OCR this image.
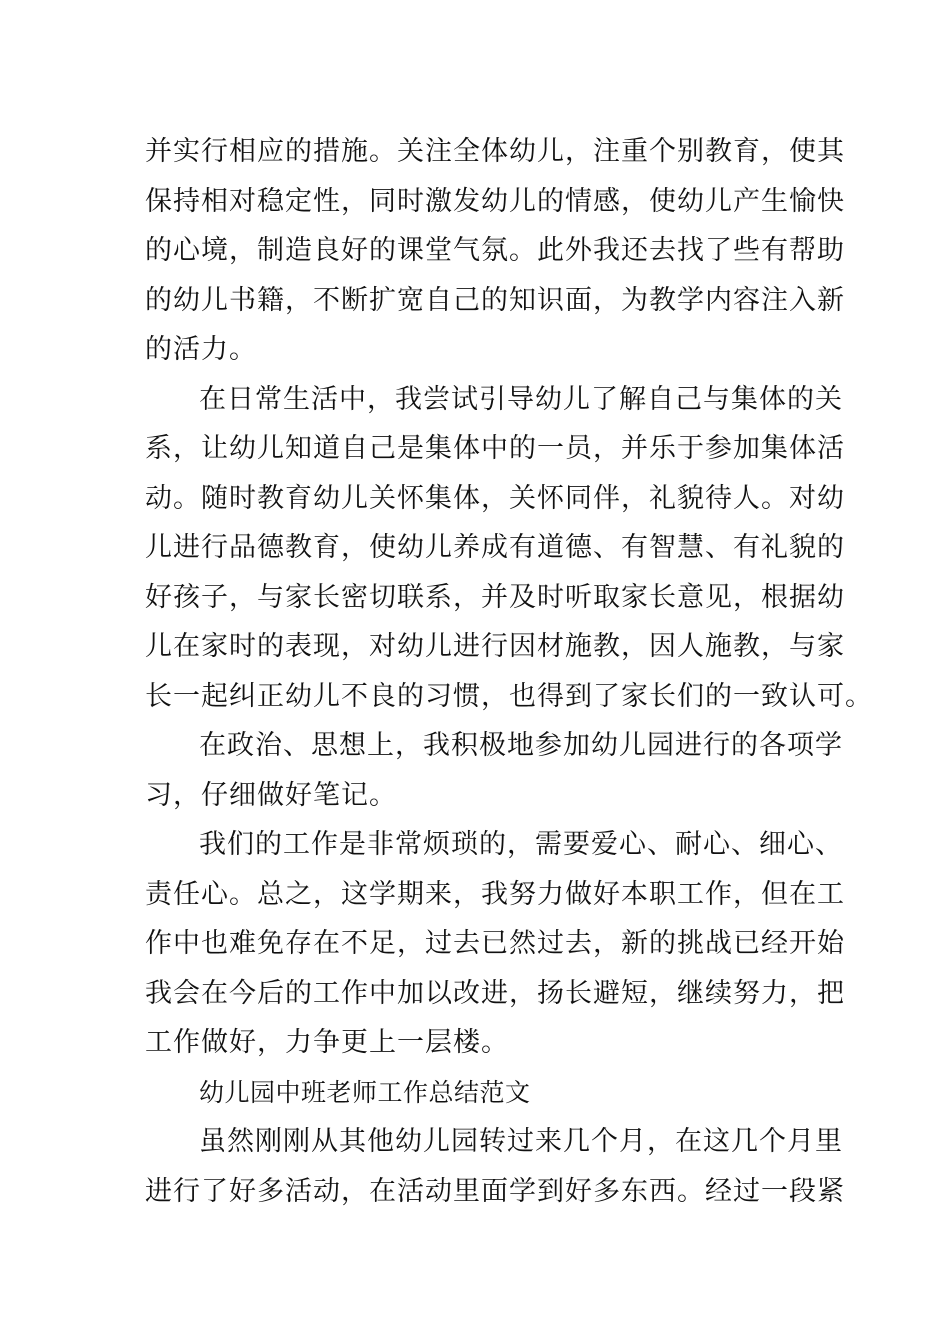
并实行相应的措施。关注全体幼儿，注重个别教育，使其
保持相对稳定性，同时激发幼儿的情感，使幼儿产生愉快
的心境，制造良好的课堂气氛。此外我还去找了些有帮助
的幼儿书籍，不断扩宽自己的知识面，为教学内容注入新
的活力。
在日常生活中，我尝试引导幼儿了解自己与集体的关
系，让幼儿知道自己是集体中的一员，并乐于参加集体活
动。随时教育幼儿关怀集体，关怀同伴，礼貌待人。对幼
儿进行品德教育，使幼儿养成有道德、有智慧、有礼貌的
好孩子，与家长密切联系，并及时听取家长意见，根据幼
儿在家时的表现，对幼儿进行因材施教，因人施教，与家
长一起纠正幼儿不良的习惯，也得到了家长们的一致认可。
在政治、思想上，我积极地参加幼儿园进行的各项学
习，仔细做好笔记。
我们的工作是非常烦琐的，需要爱心、耐心、细心、
责任心。总之，这学期来，我努力做好本职工作，但在工
作中也难免存在不足，过去已然过去，新的挑战已经开始
我会在今后的工作中加以改进，扬长避短，继续努力，把
工作做好，力争更上一层楼。
幼儿园中班老师工作总结范文
虽然刚刚从其他幼儿园转过来几个月，在这几个月里
进行了好多活动，在活动里面学到好多东西。经过一段紧
